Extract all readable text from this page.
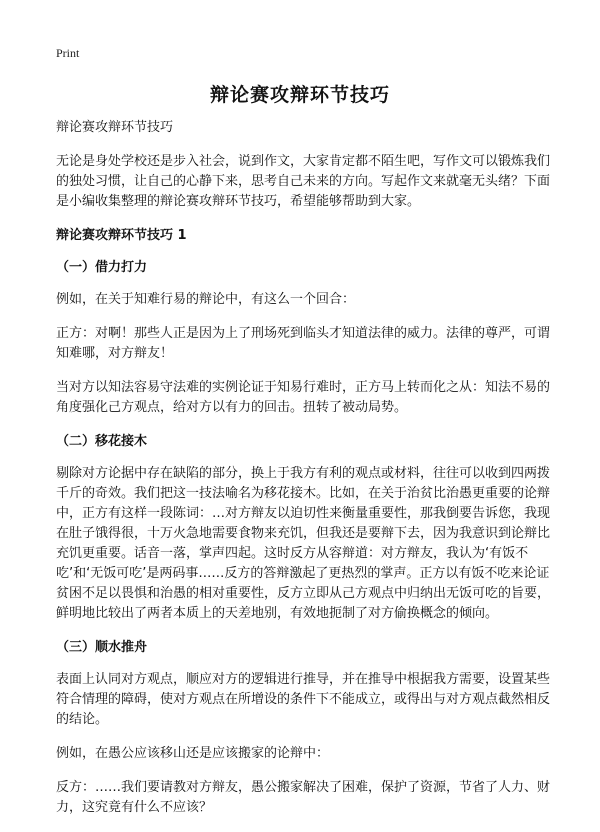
Print
辩论赛攻辩环节技巧

辩论赛攻辩环节技巧

无论是身处学校还是步入社会，说到作文，大家肯定都不陌生吧，写作文可以锻炼我们的独处习惯，让自己的心静下来，思考自己未来的方向。写起作文来就毫无头绪？下面是小编收集整理的辩论赛攻辩环节技巧，希望能够帮助到大家。

辩论赛攻辩环节技巧 1

（一）借力打力

例如，在关于知难行易的辩论中，有这么一个回合：

正方：对啊！那些人正是因为上了刑场死到临头才知道法律的威力。法律的尊严，可谓知难哪，对方辩友！

当对方以知法容易守法难的实例论证于知易行难时，正方马上转而化之从：知法不易的角度强化己方观点，给对方以有力的回击。扭转了被动局势。

（二）移花接木

剔除对方论据中存在缺陷的部分，换上于我方有利的观点或材料，往往可以收到四两拨千斤的奇效。我们把这一技法喻名为移花接木。比如，在关于治贫比治愚更重要的论辩中，正方有这样一段陈词：…对方辩友以迫切性来衡量重要性，那我倒要告诉您，我现在肚子饿得很，十万火急地需要食物来充饥，但我还是要辩下去，因为我意识到论辩比充饥更重要。话音一落，掌声四起。这时反方从容辩道：对方辩友，我认为‘有饭不吃’和‘无饭可吃’是两码事……反方的答辩激起了更热烈的掌声。正方以有饭不吃来论证贫困不足以畏惧和治愚的相对重要性，反方立即从己方观点中归纳出无饭可吃的旨要，鲜明地比较出了两者本质上的天差地别，有效地扼制了对方偷换概念的倾向。

（三）顺水推舟

表面上认同对方观点，顺应对方的逻辑进行推导，并在推导中根据我方需要，设置某些符合情理的障碍，使对方观点在所增设的条件下不能成立，或得出与对方观点截然相反的结论。

例如，在愚公应该移山还是应该搬家的论辩中：

反方：……我们要请教对方辩友，愚公搬家解决了困难，保护了资源，节省了人力、财力，这究竟有什么不应该？
